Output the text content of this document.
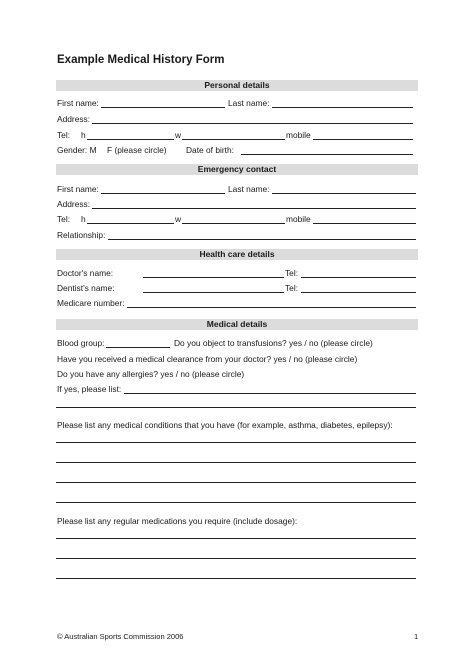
Example Medical History Form
Personal details
First name:	Last name:
Address:
Tel: h	w	mobile
Gender: M F (please circle) Date of birth:
Emergency contact
First name:	Last name:
Address:
Tel: h	w	mobile
Relationship:
Health care details
Doctor's name:	Tel:
Dentist's name:	Tel:
Medicare number:
Medical details
Blood group:	Do you object to transfusions? yes / no (please circle)
Have you received a medical clearance from your doctor? yes / no (please circle)
Do you have any allergies? yes / no (please circle)
If yes, please list:
Please list any medical conditions that you have (for example, asthma, diabetes, epilepsy):
Please list any regular medications you require (include dosage):
© Australian Sports Commission 2006	1
